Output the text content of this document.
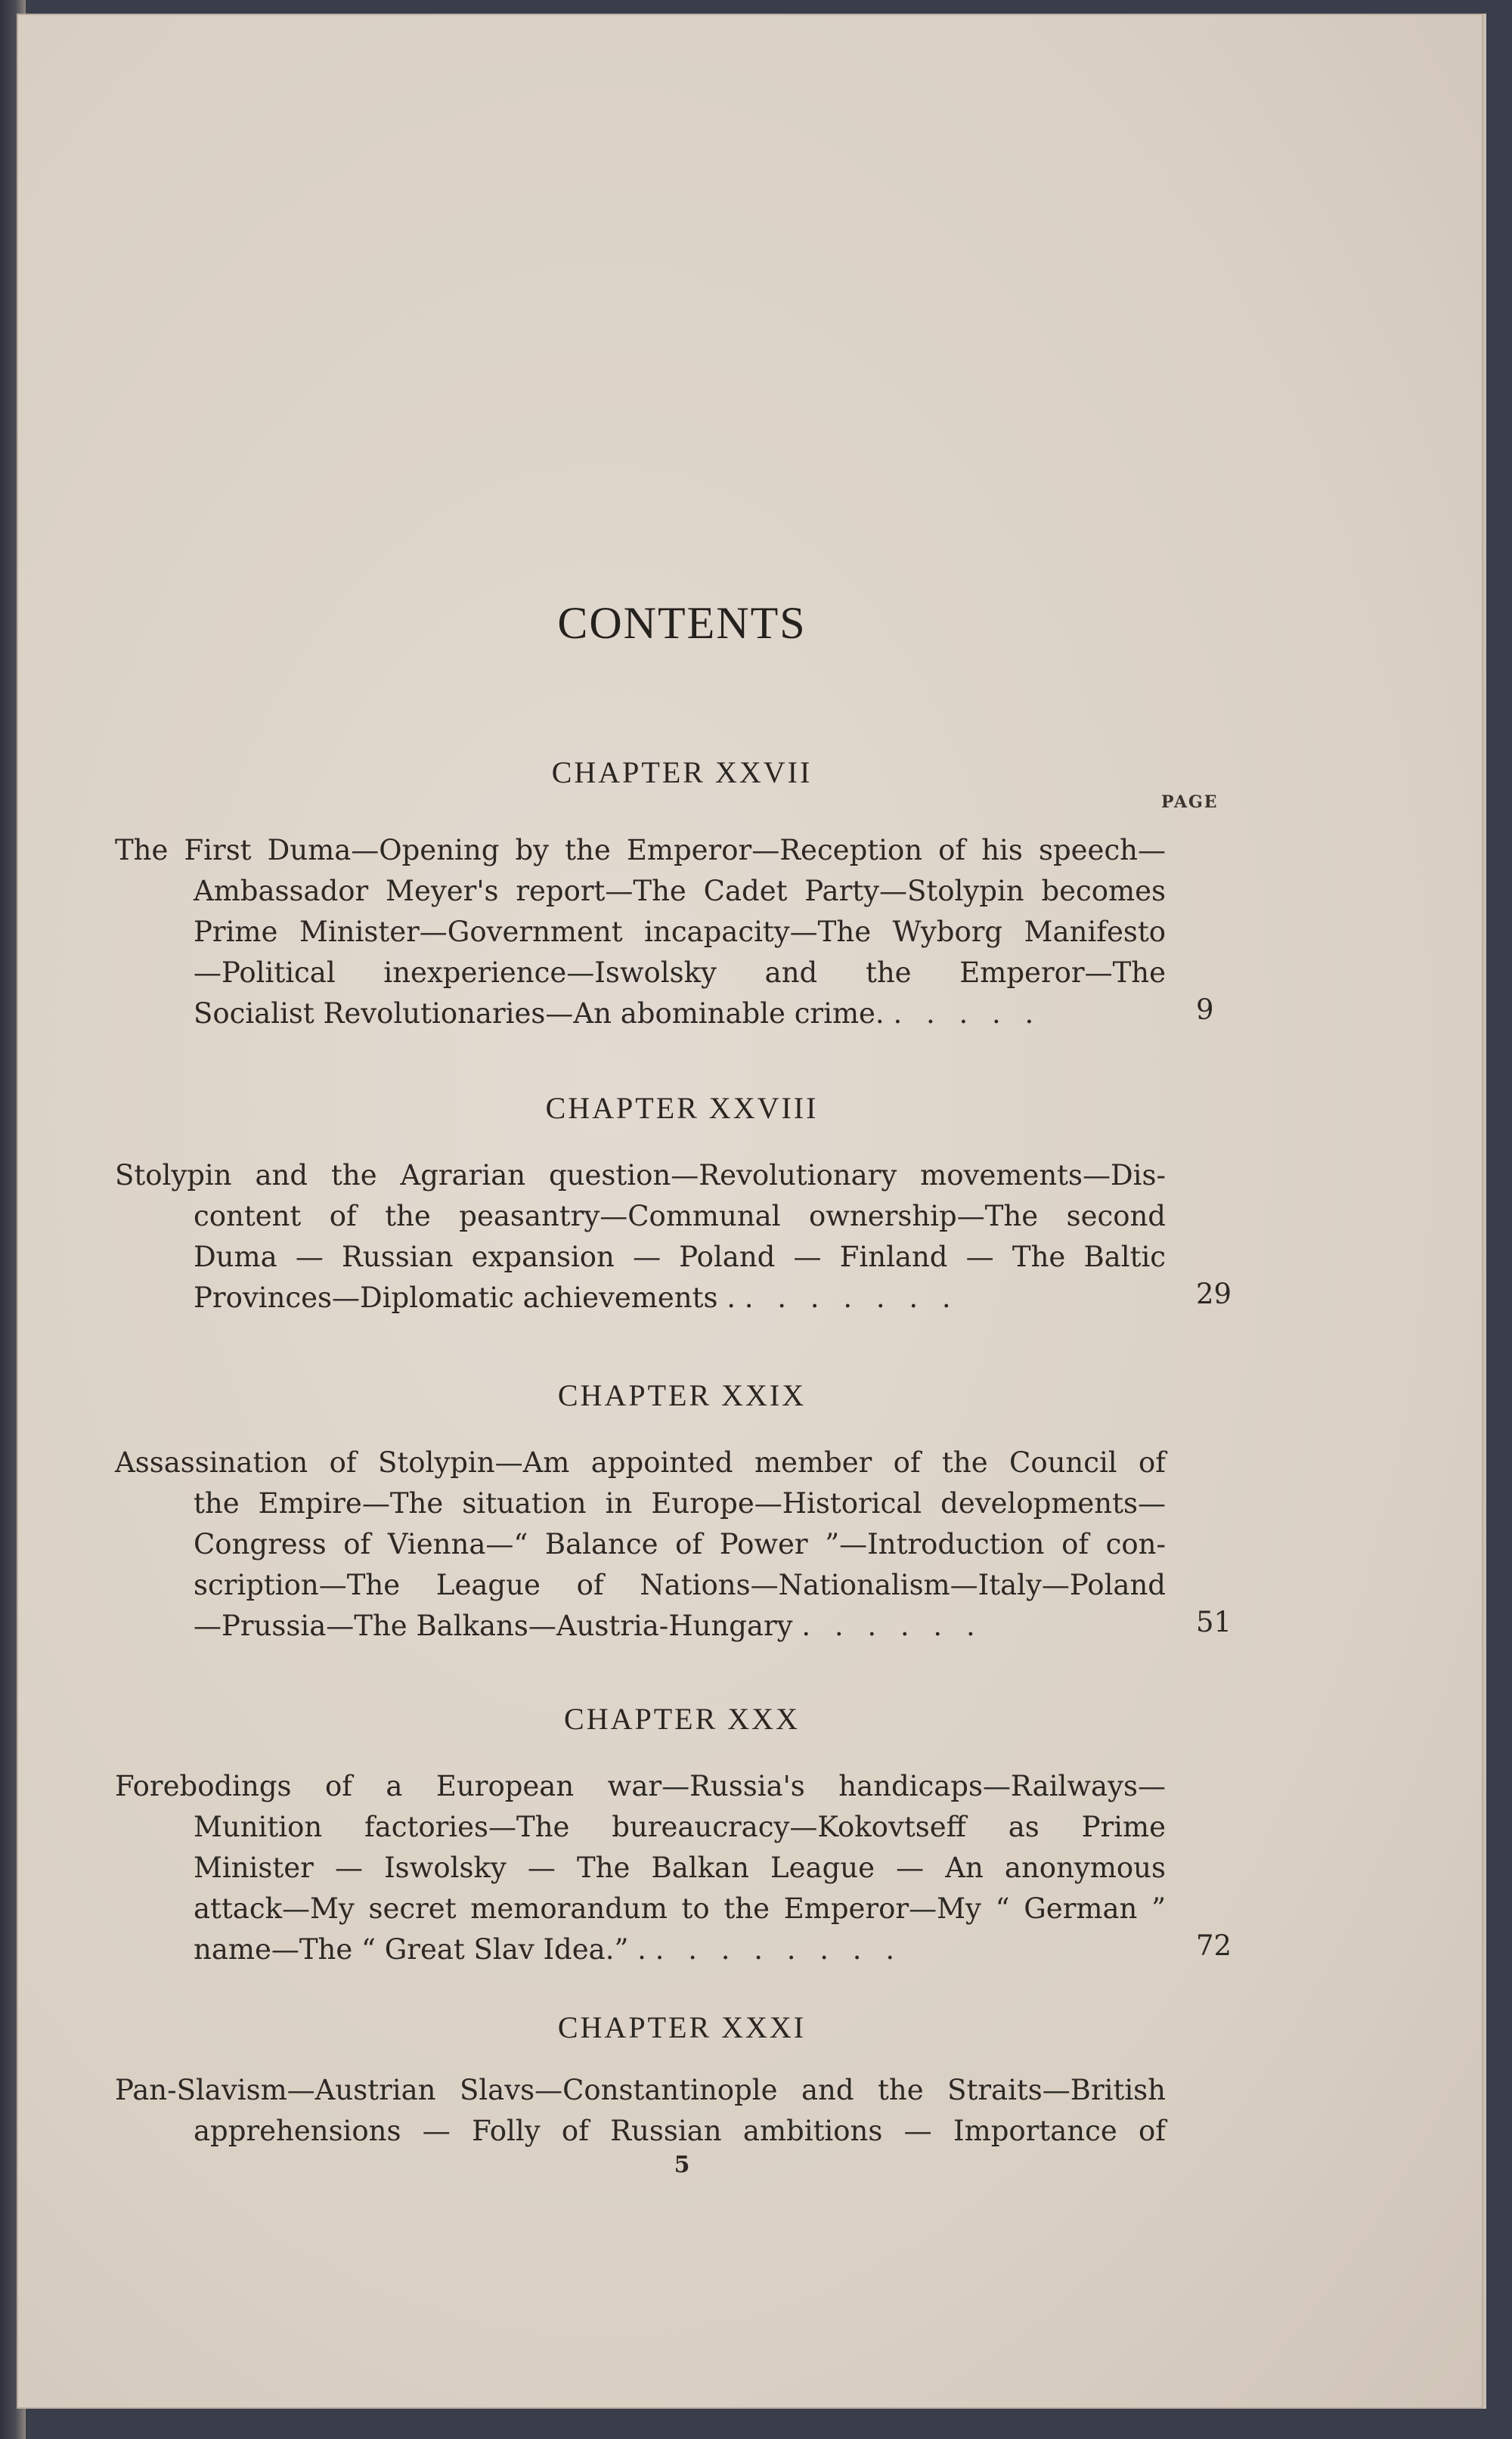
CONTENTS
PAGE
CHAPTER XXVII
The First Duma—Opening by the Emperor—Reception of his speech—
Ambassador Meyer's report—The Cadet Party—Stolypin becomes
Prime Minister—Government incapacity—The Wyborg Manifesto
—Political inexperience—Iswolsky and the Emperor—The
Socialist Revolutionaries—An abominable crime. . . . . .	9
CHAPTER XXVIII
Stolypin and the Agrarian question—Revolutionary movements—Dis-
content of the peasantry—Communal ownership—The second
Duma — Russian expansion — Poland — Finland — The Baltic
Provinces—Diplomatic achievements . . . . . . . .	29
CHAPTER XXIX
Assassination of Stolypin—Am appointed member of the Council of
the Empire—The situation in Europe—Historical developments—
Congress of Vienna—“ Balance of Power ”—Introduction of con-
scription—The League of Nations—Nationalism—Italy—Poland
—Prussia—The Balkans—Austria-Hungary . . . . . .	51
CHAPTER XXX
Forebodings of a European war—Russia's handicaps—Railways—
Munition factories—The bureaucracy—Kokovtseff as Prime
Minister — Iswolsky — The Balkan League — An anonymous
attack—My secret memorandum to the Emperor—My “ German ”
name—The “ Great Slav Idea.” . . . . . . . . .	72
CHAPTER XXXI
Pan-Slavism—Austrian Slavs—Constantinople and the Straits—British
apprehensions — Folly of Russian ambitions — Importance of
5
